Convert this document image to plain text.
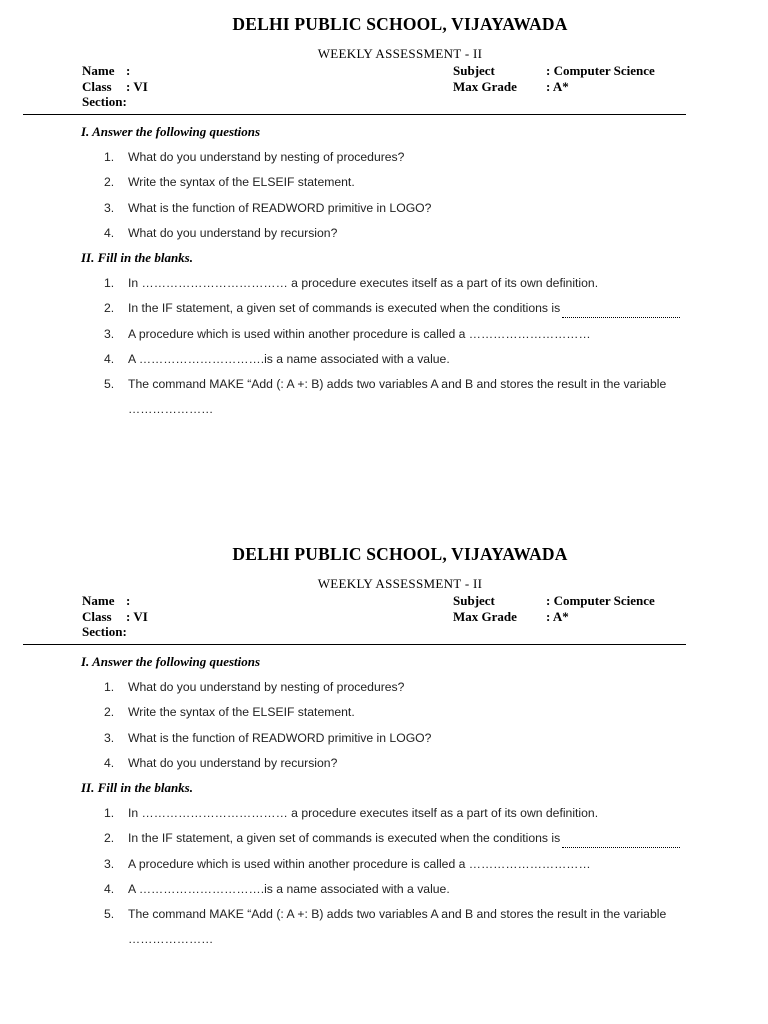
DELHI PUBLIC SCHOOL, VIJAYAWADA
WEEKLY ASSESSMENT - II
Name :
Class : VI
Section:
Subject	: Computer Science
Max Grade : A*
I. Answer the following questions
1.	What do you understand by nesting of procedures?
2.	Write the syntax of the ELSEIF statement.
3.	What is the function of READWORD primitive in LOGO?
4.	What do you understand by recursion?
II. Fill in the blanks.
1.	In ……………………………… a procedure executes itself as a part of its own definition.
2.	In the IF statement, a given set of commands is executed when the conditions is
3.	A procedure which is used within another procedure is called a …………………………
4.	A ………………………….is a name associated with a value.
5.	The command MAKE “Add (: A +: B) adds two variables A and B and stores the result in the variable …………………
DELHI PUBLIC SCHOOL, VIJAYAWADA
WEEKLY ASSESSMENT - II
Name :
Class : VI
Section:
Subject	: Computer Science
Max Grade : A*
I. Answer the following questions
1.	What do you understand by nesting of procedures?
2.	Write the syntax of the ELSEIF statement.
3.	What is the function of READWORD primitive in LOGO?
4.	What do you understand by recursion?
II. Fill in the blanks.
1.	In ……………………………… a procedure executes itself as a part of its own definition.
2.	In the IF statement, a given set of commands is executed when the conditions is
3.	A procedure which is used within another procedure is called a …………………………
4.	A ………………………….is a name associated with a value.
5.	The command MAKE “Add (: A +: B) adds two variables A and B and stores the result in the variable …………………
